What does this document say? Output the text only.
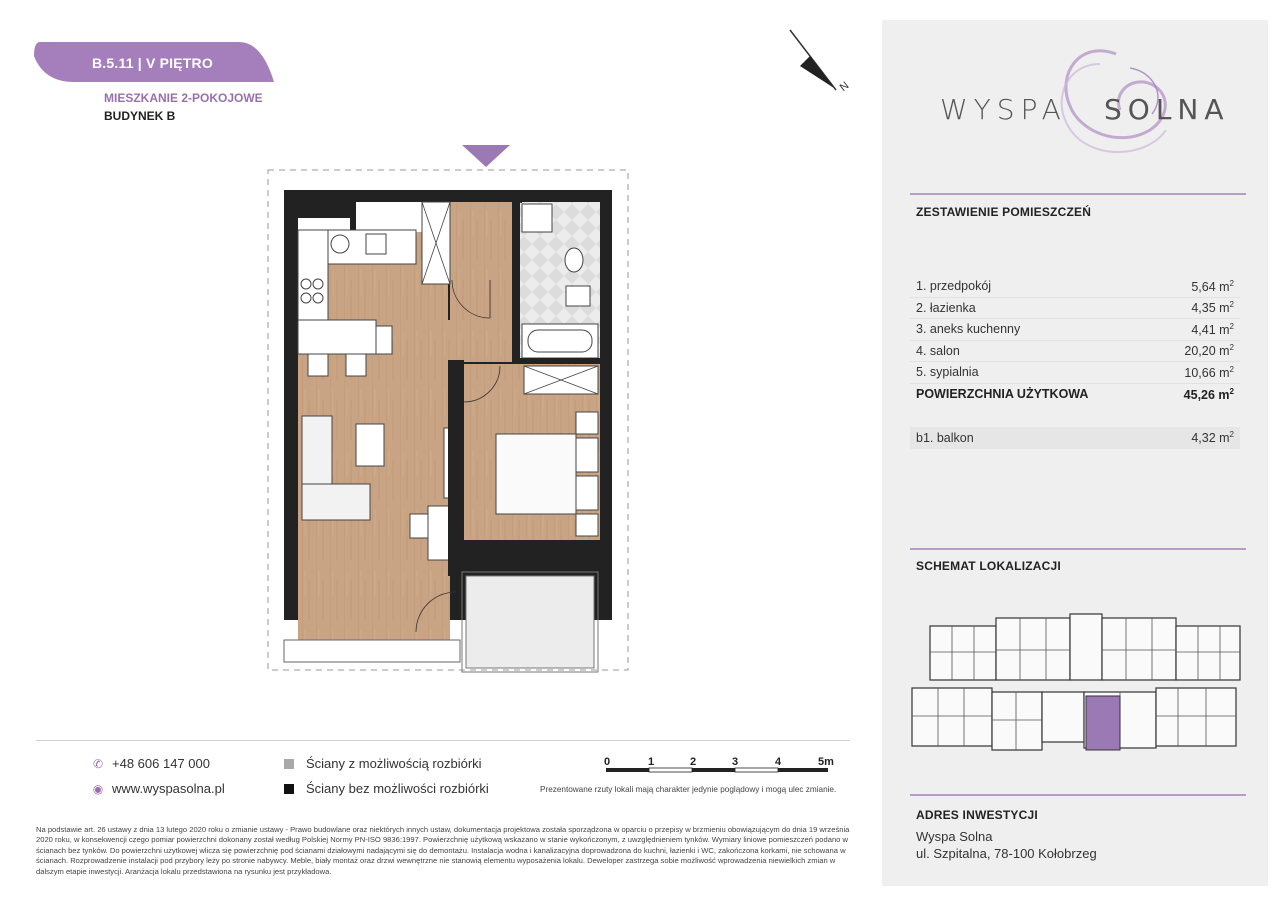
B.5.11 | V PIĘTRO
MIESZKANIE 2-POKOJOWE
BUDYNEK B
N
✆ +48 606 147 000
◉ www.wyspasolna.pl
Ściany z możliwością rozbiórki
Ściany bez możliwości rozbiórki
0	1	2	3	4	5m
Prezentowane rzuty lokali mają charakter jedynie poglądowy i mogą ulec zmianie.
Na podstawie art. 26 ustawy z dnia 13 lutego 2020 roku o zmianie ustawy - Prawo budowlane oraz niektórych innych ustaw, dokumentacja projektowa została sporządzona w oparciu o przepisy w brzmieniu obowiązującym do dnia 19 września 2020 roku, w konsekwencji czego pomiar powierzchni dokonany został według Polskiej Normy PN-ISO 9836:1997. Powierzchnię użytkową wskazano w stanie wykończonym, z uwzględnieniem tynków. Wymiary liniowe pomieszczeń podano w ścianach bez tynków. Do powierzchni użytkowej wlicza się powierzchnię pod ścianami działowymi nadającymi się do demontażu. Instalacja wodna i kanalizacyjna doprowadzona do kuchni, łazienki i WC, zakończona korkami, nie schowana w ścianach. Rozprowadzenie instalacji pod przybory leży po stronie nabywcy. Meble, biały montaż oraz drzwi wewnętrzne nie stanowią elementu wyposażenia lokalu. Deweloper zastrzega sobie możliwość wprowadzenia niewielkich zmian w dalszym etapie inwestycji. Aranżacja lokalu przedstawiona na rysunku jest przykładowa.
WYSPA SOLNA
ZESTAWIENIE POMIESZCZEŃ
1. przedpokój	5,64 $m^2$
2. łazienka	4,35 $m^2$
3. aneks kuchenny	4,41 $m^2$
4. salon	20,20 $m^2$
5. sypialnia	10,66 $m^2$
POWIERZCHNIA UŻYTKOWA	45,26 $m^2$
b1. balkon	4,32 $m^2$
SCHEMAT LOKALIZACJI
ADRES INWESTYCJI
Wyspa Solna
ul. Szpitalna, 78-100 Kołobrzeg
